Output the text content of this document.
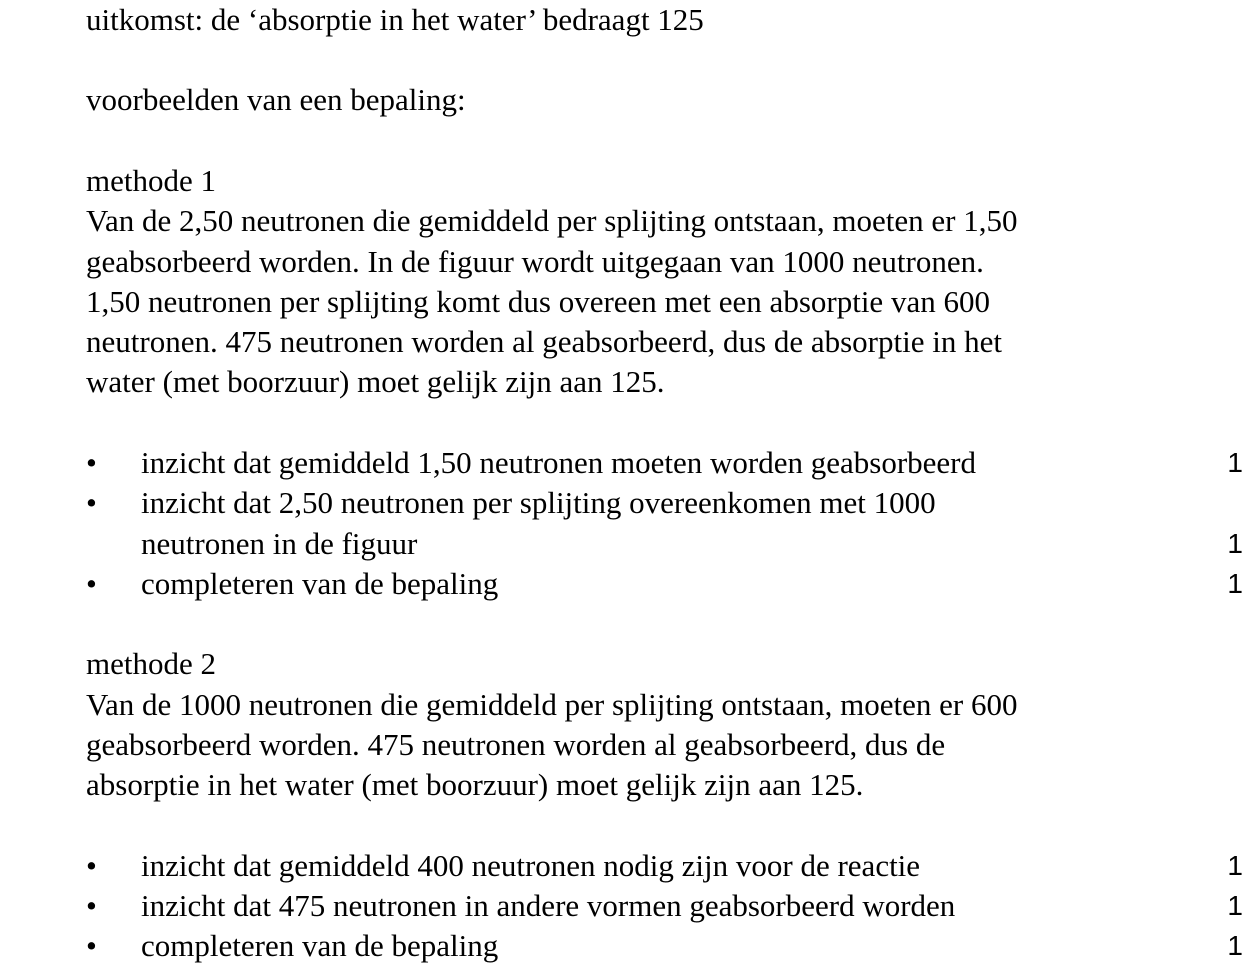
uitkomst: de ‘absorptie in het water’ bedraagt 125
voorbeelden van een bepaling:
methode 1
Van de 2,50 neutronen die gemiddeld per splijting ontstaan, moeten er 1,50
geabsorbeerd worden. In de figuur wordt uitgegaan van 1000 neutronen.
1,50 neutronen per splijting komt dus overeen met een absorptie van 600
neutronen. 475 neutronen worden al geabsorbeerd, dus de absorptie in het
water (met boorzuur) moet gelijk zijn aan 125.
• inzicht dat gemiddeld 1,50 neutronen moeten worden geabsorbeerd	1
• inzicht dat 2,50 neutronen per splijting overeenkomen met 1000
neutronen in de figuur	1
• completeren van de bepaling	1
methode 2
Van de 1000 neutronen die gemiddeld per splijting ontstaan, moeten er 600
geabsorbeerd worden. 475 neutronen worden al geabsorbeerd, dus de
absorptie in het water (met boorzuur) moet gelijk zijn aan 125.
• inzicht dat gemiddeld 400 neutronen nodig zijn voor de reactie	1
• inzicht dat 475 neutronen in andere vormen geabsorbeerd worden	1
• completeren van de bepaling	1
